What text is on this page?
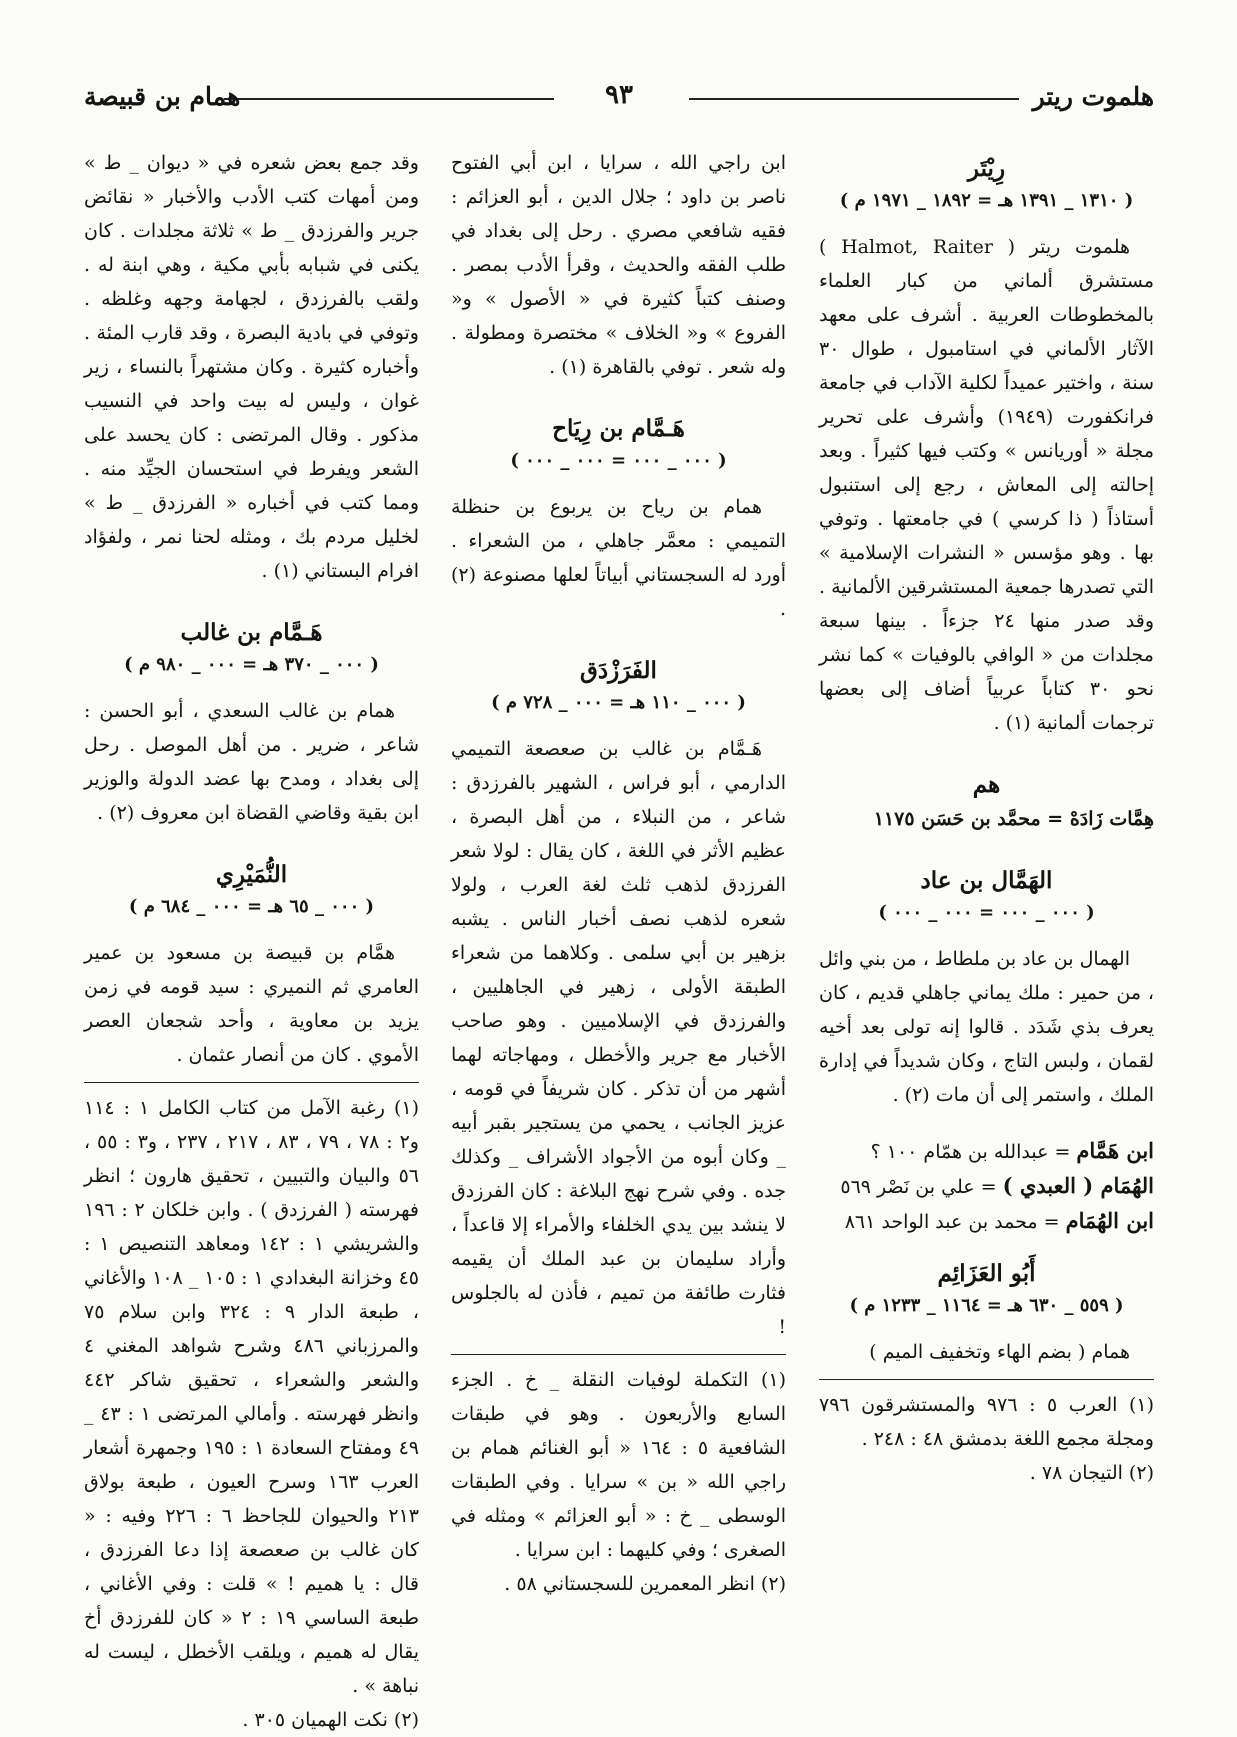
هلموت ريتر
٩٣
همام بن قبيصة
رِيْتَر
( ١٣١٠ _ ١٣٩١ هـ = ١٨٩٢ _ ١٩٧١ م )

هلموت ريتر ( Halmot, Raiter ) مستشرق ألماني من كبار العلماء بالمخطوطات العربية . أشرف على معهد الآثار الألماني في استامبول ، طوال ٣٠ سنة ، واختير عميداً لكلية الآداب في جامعة فرانكفورت (١٩٤٩) وأشرف على تحرير مجلة « أوريانس » وكتب فيها كثيراً . وبعد إحالته إلى المعاش ، رجع إلى استنبول أستاذاً ( ذا كرسي ) في جامعتها . وتوفي بها . وهو مؤسس « النشرات الإسلامية » التي تصدرها جمعية المستشرقين الألمانية . وقد صدر منها ٢٤ جزءاً . بينها سبعة مجلدات من « الوافي بالوفيات » كما نشر نحو ٣٠ كتاباً عربياً أضاف إلى بعضها ترجمات ألمانية (١) .

هم

هِمَّات زَادَهْ = محمَّد بن حَسَن ١١٧٥

الهَمَّال بن عاد
( ٠٠٠ _ ٠٠٠ = ٠٠٠ _ ٠٠٠ )

الهمال بن عاد بن ملطاط ، من بني وائل ، من حمير : ملك يماني جاهلي قديم ، كان يعرف بذي شَدَد . قالوا إنه تولى بعد أخيه لقمان ، ولبس التاج ، وكان شديداً في إدارة الملك ، واستمر إلى أن مات (٢) .

ابن هَمَّام = عبدالله بن همّام ١٠٠ ؟

الهُمَام ( العبدي ) = علي بن نَصْر ٥٦٩

ابن الهُمَام = محمد بن عبد الواحد ٨٦١

أَبُو العَزَائِم
( ٥٥٩ _ ٦٣٠ هـ = ١١٦٤ _ ١٢٣٣ م )

همام ( بضم الهاء وتخفيف الميم )

(١) العرب ٥ : ٩٧٦ والمستشرقون ٧٩٦ ومجلة مجمع اللغة بدمشق ٤٨ : ٢٤٨ .

(٢) التيجان ٧٨ .

ابن راجي الله ، سرايا ، ابن أبي الفتوح ناصر بن داود ؛ جلال الدين ، أبو العزائم : فقيه شافعي مصري . رحل إلى بغداد في طلب الفقه والحديث ، وقرأ الأدب بمصر . وصنف كتباً كثيرة في « الأصول » و« الفروع » و« الخلاف » مختصرة ومطولة . وله شعر . توفي بالقاهرة (١) .

هَـمَّام بن رِيَاح
( ٠٠٠ _ ٠٠٠ = ٠٠٠ _ ٠٠٠ )

همام بن رياح بن يربوع بن حنظلة التميمي : معمَّر جاهلي ، من الشعراء . أورد له السجستاني أبياتاً لعلها مصنوعة (٢) .

الفَرَزْدَق
( ٠٠٠ _ ١١٠ هـ = ٠٠٠ _ ٧٢٨ م )

هَـمَّام بن غالب بن صعصعة التميمي الدارمي ، أبو فراس ، الشهير بالفرزدق : شاعر ، من النبلاء ، من أهل البصرة ، عظيم الأثر في اللغة ، كان يقال : لولا شعر الفرزدق لذهب ثلث لغة العرب ، ولولا شعره لذهب نصف أخبار الناس . يشبه بزهير بن أبي سلمى . وكلاهما من شعراء الطبقة الأولى ، زهير في الجاهليين ، والفرزدق في الإسلاميين . وهو صاحب الأخبار مع جرير والأخطل ، ومهاجاته لهما أشهر من أن تذكر . كان شريفاً في قومه ، عزيز الجانب ، يحمي من يستجير بقبر أبيه _ وكان أبوه من الأجواد الأشراف _ وكذلك جده . وفي شرح نهج البلاغة : كان الفرزدق لا ينشد بين يدي الخلفاء والأمراء إلا قاعداً ، وأراد سليمان بن عبد الملك أن يقيمه فثارت طائفة من تميم ، فأذن له بالجلوس !

(١) التكملة لوفيات النقلة _ خ . الجزء السابع والأربعون . وهو في طبقات الشافعية ٥ : ١٦٤ « أبو الغنائم همام بن راجي الله « بن » سرايا . وفي الطبقات الوسطى _ خ : « أبو العزائم » ومثله في الصغرى ؛ وفي كليهما : ابن سرايا .

(٢) انظر المعمرين للسجستاني ٥٨ .

وقد جمع بعض شعره في « ديوان _ ط » ومن أمهات كتب الأدب والأخبار « نقائض جرير والفرزدق _ ط » ثلاثة مجلدات . كان يكنى في شبابه بأبي مكية ، وهي ابنة له . ولقب بالفرزدق ، لجهامة وجهه وغلظه . وتوفي في بادية البصرة ، وقد قارب المئة . وأخباره كثيرة . وكان مشتهراً بالنساء ، زير غوان ، وليس له بيت واحد في النسيب مذكور . وقال المرتضى : كان يحسد على الشعر ويفرط في استحسان الجيِّد منه . ومما كتب في أخباره « الفرزدق _ ط » لخليل مردم بك ، ومثله لحنا نمر ، ولفؤاد افرام البستاني (١) .

هَـمَّام بن غالب
( ٠٠٠ _ ٣٧٠ هـ = ٠٠٠ _ ٩٨٠ م )

همام بن غالب السعدي ، أبو الحسن : شاعر ، ضرير . من أهل الموصل . رحل إلى بغداد ، ومدح بها عضد الدولة والوزير ابن بقية وقاضي القضاة ابن معروف (٢) .

النُّمَيْرِي
( ٠٠٠ _ ٦٥ هـ = ٠٠٠ _ ٦٨٤ م )

همَّام بن قبيصة بن مسعود بن عمير العامري ثم النميري : سيد قومه في زمن يزيد بن معاوية ، وأحد شجعان العصر الأموي . كان من أنصار عثمان .

(١) رغبة الآمل من كتاب الكامل ١ : ١١٤ و٢ : ٧٨ ، ٧٩ ، ٨٣ ، ٢١٧ ، ٢٣٧ ، و٣ : ٥٥ ، ٥٦ والبيان والتبيين ، تحقيق هارون ؛ انظر فهرسته ( الفرزدق ) . وابن خلكان ٢ : ١٩٦ والشريشي ١ : ١٤٢ ومعاهد التنصيص ١ : ٤٥ وخزانة البغدادي ١ : ١٠٥ _ ١٠٨ والأغاني ، طبعة الدار ٩ : ٣٢٤ وابن سلام ٧٥ والمرزباني ٤٨٦ وشرح شواهد المغني ٤ والشعر والشعراء ، تحقيق شاكر ٤٤٢ وانظر فهرسته . وأمالي المرتضى ١ : ٤٣ _ ٤٩ ومفتاح السعادة ١ : ١٩٥ وجمهرة أشعار العرب ١٦٣ وسرح العيون ، طبعة بولاق ٢١٣ والحيوان للجاحظ ٦ : ٢٢٦ وفيه : « كان غالب بن صعصعة إذا دعا الفرزدق ، قال : يا هميم ! » قلت : وفي الأغاني ، طبعة الساسي ١٩ : ٢ « كان للفرزدق أخ يقال له هميم ، ويلقب الأخطل ، ليست له نباهة » .

(٢) نكت الهميان ٣٠٥ .
